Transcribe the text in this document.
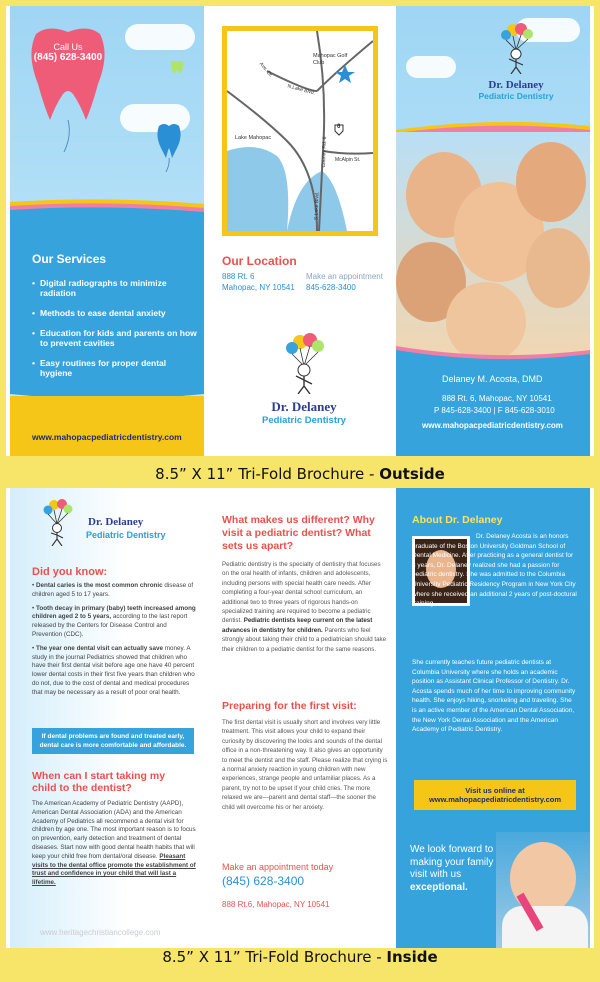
Call Us
(845) 628-3400
Our Services
• Digital radiographs to minimize radiation
• Methods to ease dental anxiety
• Education for kids and parents on how to prevent cavities
• Easy routines for proper dental hygiene
•
•
www.mahopacpediatricdentistry.com
Mahopac Golf Club
Lake Mahopac
6
Ave. Dr.
N.Lake Blvd.
Country Rd. 6 McAlpin St.
S.Lake Blvd.
Our Location
888 Rt. 6
Mahopac, NY 10541
Make an appointment
845-628-3400
Dr. Delaney
Pediatric Dentistry
Dr. Delaney
Pediatric Dentistry
Delaney M. Acosta, DMD
888 Rt. 6, Mahopac, NY 10541
P 845-628-3400 | F 845-628-3010
www.mahopacpediatricdentistry.com
8.5” X 11” Tri-Fold Brochure - Outside
Dr. Delaney
Pediatric Dentistry
Did you know:
• Dental caries is the most common chronic disease of children aged 5 to 17 years.
• Tooth decay in primary (baby) teeth increased among children aged 2 to 5 years, according to the last report released by the Centers for Disease Control and Prevention (CDC).
• The year one dental visit can actually save money. A study in the journal Pediatrics showed that children who have their first dental visit before age one have 40 percent lower dental costs in their first five years than children who do not, due to the cost of dental and medical procedures that may be necessary as a result of poor oral health.
If dental problems are found and treated early, dental care is more comfortable and affordable.
When can I start taking my child to the dentist?
The American Academy of Pediatric Dentistry (AAPD), American Dental Association (ADA) and the American Academy of Pediatrics all recommend a dental visit for children by age one. The most important reason is to focus on prevention, early detection and treatment of dental diseases. Start now with good dental health habits that will keep your child free from dental/oral disease. Pleasant visits to the dental office promote the establishment of trust and confidence in your child that will last a lifetime.
www.heritagechristiancollege.com
What makes us different? Why visit a pediatric dentist? What sets us apart?
Pediatric dentistry is the specialty of dentistry that focuses on the oral health of infants, children and adolescents, including persons with special health care needs. After completing a four-year dental school curriculum, an additional two to three years of rigorous hands-on specialized training are required to become a pediatric dentist. Pediatric dentists keep current on the latest advances in dentistry for children. Parents who feel strongly about taking their child to a pediatrician should take their children to a pediatric dentist for the same reasons.
Preparing for the first visit:
The first dental visit is usually short and involves very little treatment. This visit allows your child to expand their curiosity by discovering the looks and sounds of the dental office in a non-threatening way. It also gives an opportunity to meet the dentist and the staff. Please realize that crying is a normal anxiety reaction in young children with new experiences, strange people and unfamiliar places. As a parent, try not to be upset if your child cries. The more relaxed we are—parent and dental staff—the sooner the child will overcome his or her anxiety.
Make an appointment today
(845) 628-3400
888 Rt.6, Mahopac, NY 10541
About Dr. Delaney
Dr. Delaney Acosta is an honors graduate of the Boston University Goldman School of Dental Medicine. After practicing as a general dentist for 3 years, Dr. Delaney realized she had a passion for pediatric dentistry. She was admitted to the Columbia University Pediatric Residency Program in New York City where she received an additional 2 years of post-doctural training.
She currently teaches future pediatric dentists at Columbia University where she holds an academic position as Assistant Clinical Professor of Dentistry. Dr. Acosta spends much of her time to improving community health. She enjoys hiking, snorkeling and traveling. She is an active member of the American Dental Association, the New York Dental Association and the American Academy of Pediatric Dentistry.
Visit us online at
www.mahopacpediatricdentistry.com
We look forward to making your family visit with us exceptional.
8.5” X 11” Tri-Fold Brochure - Inside
